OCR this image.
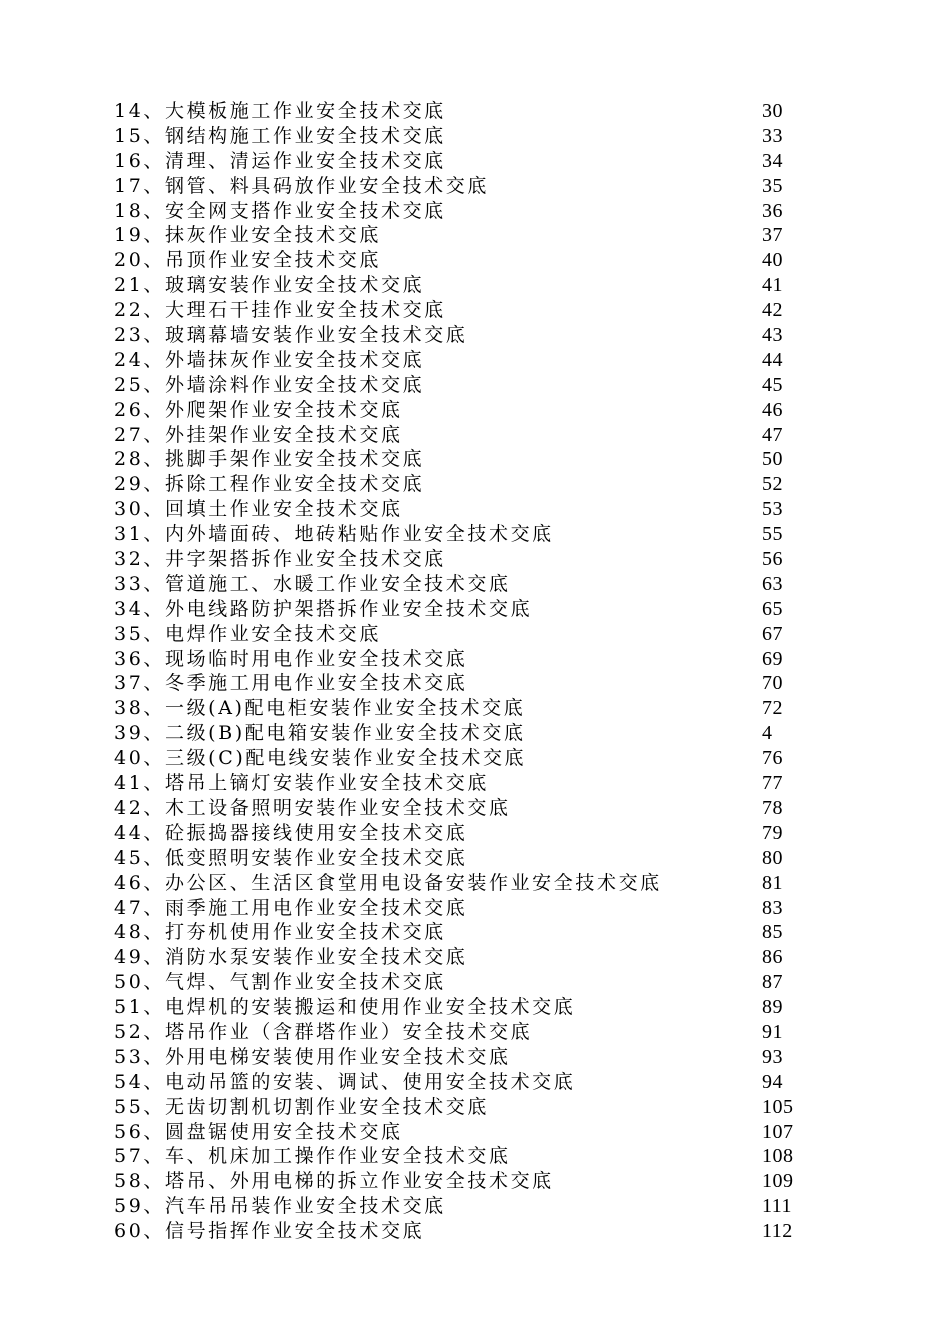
14、大模板施工作业安全技术交底	30
15、钢结构施工作业安全技术交底	33
16、清理、清运作业安全技术交底	34
17、钢管、料具码放作业安全技术交底	35
18、安全网支搭作业安全技术交底	36
19、抹灰作业安全技术交底	37
20、吊顶作业安全技术交底	40
21、玻璃安装作业安全技术交底	41
22、大理石干挂作业安全技术交底	42
23、玻璃幕墙安装作业安全技术交底	43
24、外墙抹灰作业安全技术交底	44
25、外墙涂料作业安全技术交底	45
26、外爬架作业安全技术交底	46
27、外挂架作业安全技术交底	47
28、挑脚手架作业安全技术交底	50
29、拆除工程作业安全技术交底	52
30、回填土作业安全技术交底	53
31、内外墙面砖、地砖粘贴作业安全技术交底	55
32、井字架搭拆作业安全技术交底	56
33、管道施工、水暖工作业安全技术交底	63
34、外电线路防护架搭拆作业安全技术交底	65
35、电焊作业安全技术交底	67
36、现场临时用电作业安全技术交底	69
37、冬季施工用电作业安全技术交底	70
38、一级(A)配电柜安装作业安全技术交底	72
39、二级(B)配电箱安装作业安全技术交底	4
40、三级(C)配电线安装作业安全技术交底	76
41、塔吊上镝灯安装作业安全技术交底	77
42、木工设备照明安装作业安全技术交底	78
44、砼振捣器接线使用安全技术交底	79
45、低变照明安装作业安全技术交底	80
46、办公区、生活区食堂用电设备安装作业安全技术交底	81
47、雨季施工用电作业安全技术交底	83
48、打夯机使用作业安全技术交底	85
49、消防水泵安装作业安全技术交底	86
50、气焊、气割作业安全技术交底	87
51、电焊机的安装搬运和使用作业安全技术交底	89
52、塔吊作业（含群塔作业）安全技术交底	91
53、外用电梯安装使用作业安全技术交底	93
54、电动吊篮的安装、调试、使用安全技术交底	94
55、无齿切割机切割作业安全技术交底	105
56、圆盘锯使用安全技术交底	107
57、车、机床加工操作作业安全技术交底	108
58、塔吊、外用电梯的拆立作业安全技术交底	109
59、汽车吊吊装作业安全技术交底	111
60、信号指挥作业安全技术交底	112
